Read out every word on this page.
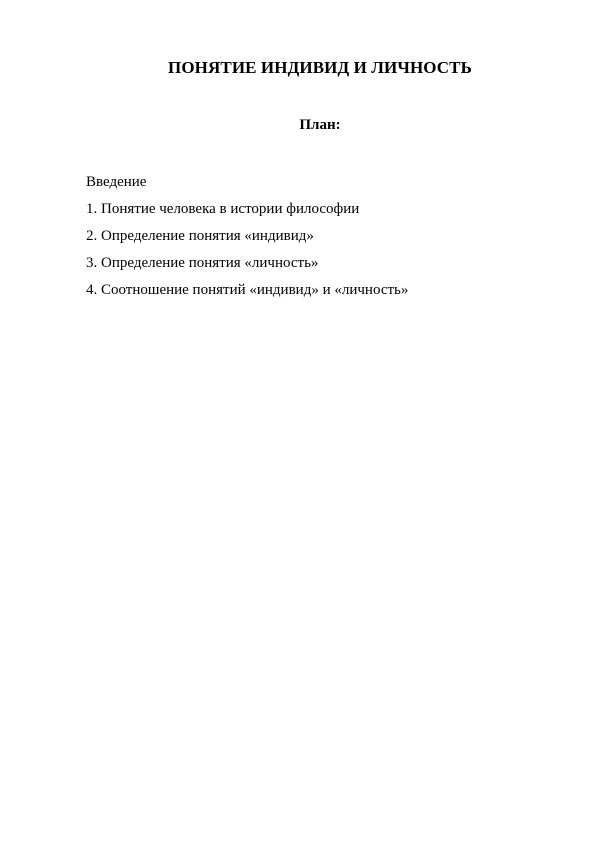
ПОНЯТИЕ ИНДИВИД И ЛИЧНОСТЬ
План:
Введение
1. Понятие человека в истории философии
2. Определение понятия «индивид»
3. Определение понятия «личность»
4. Соотношение понятий «индивид» и «личность»
